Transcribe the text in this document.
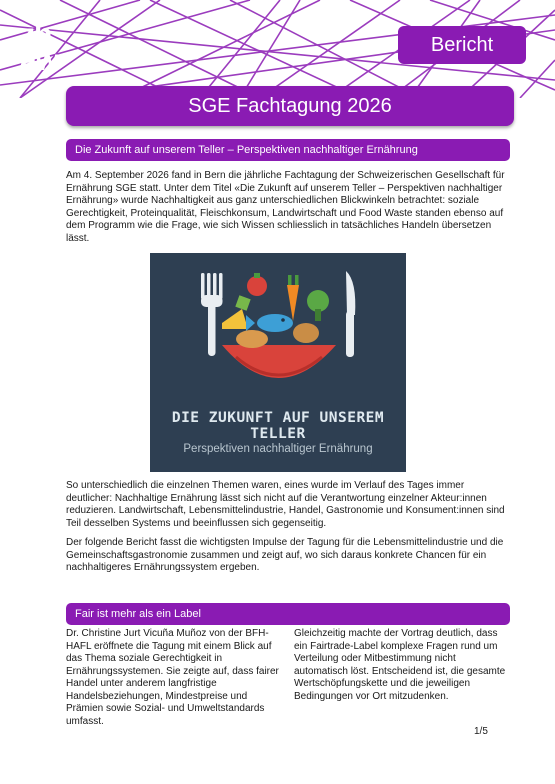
zh
aw	Bericht
SGE Fachtagung 2026
Die Zukunft auf unserem Teller – Perspektiven nachhaltiger Ernährung

Am 4. September 2026 fand in Bern die jährliche Fachtagung der Schweizerischen Gesellschaft für Ernährung SGE statt. Unter dem Titel «Die Zukunft auf unserem Teller – Perspektiven nachhaltiger Ernährung» wurde Nachhaltigkeit aus ganz unterschiedlichen Blickwinkeln betrachtet: soziale Gerechtigkeit, Proteinqualität, Fleischkonsum, Landwirtschaft und Food Waste standen ebenso auf dem Programm wie die Frage, wie sich Wissen schliesslich in tatsächliches Handeln übersetzen lässt.

DIE ZUKUNFT AUF UNSEREM TELLER
Perspektiven nachhaltiger Ernährung

So unterschiedlich die einzelnen Themen waren, eines wurde im Verlauf des Tages immer deutlicher: Nachhaltige Ernährung lässt sich nicht auf die Verantwortung einzelner Akteur:innen reduzieren. Landwirtschaft, Lebensmittelindustrie, Handel, Gastronomie und Konsument:innen sind Teil desselben Systems und beeinflussen sich gegenseitig.

Der folgende Bericht fasst die wichtigsten Impulse der Tagung für die Lebensmittelindustrie und die Gemeinschaftsgastronomie zusammen und zeigt auf, wo sich daraus konkrete Chancen für ein nachhaltigeres Ernährungssystem ergeben.

Fair ist mehr als ein Label

Dr. Christine Jurt Vicuña Muñoz von der BFH-HAFL eröffnete die Tagung mit einem Blick auf das Thema soziale Gerechtigkeit in Ernährungssystemen. Sie zeigte auf, dass fairer Handel unter anderem langfristige Handelsbeziehungen, Mindestpreise und Prämien sowie Sozial- und Umweltstandards umfasst.

Gleichzeitig machte der Vortrag deutlich, dass ein Fairtrade-Label komplexe Fragen rund um Verteilung oder Mitbestimmung nicht automatisch löst. Entscheidend ist, die gesamte Wertschöpfungskette und die jeweiligen Bedingungen vor Ort mitzudenken.

1/5
